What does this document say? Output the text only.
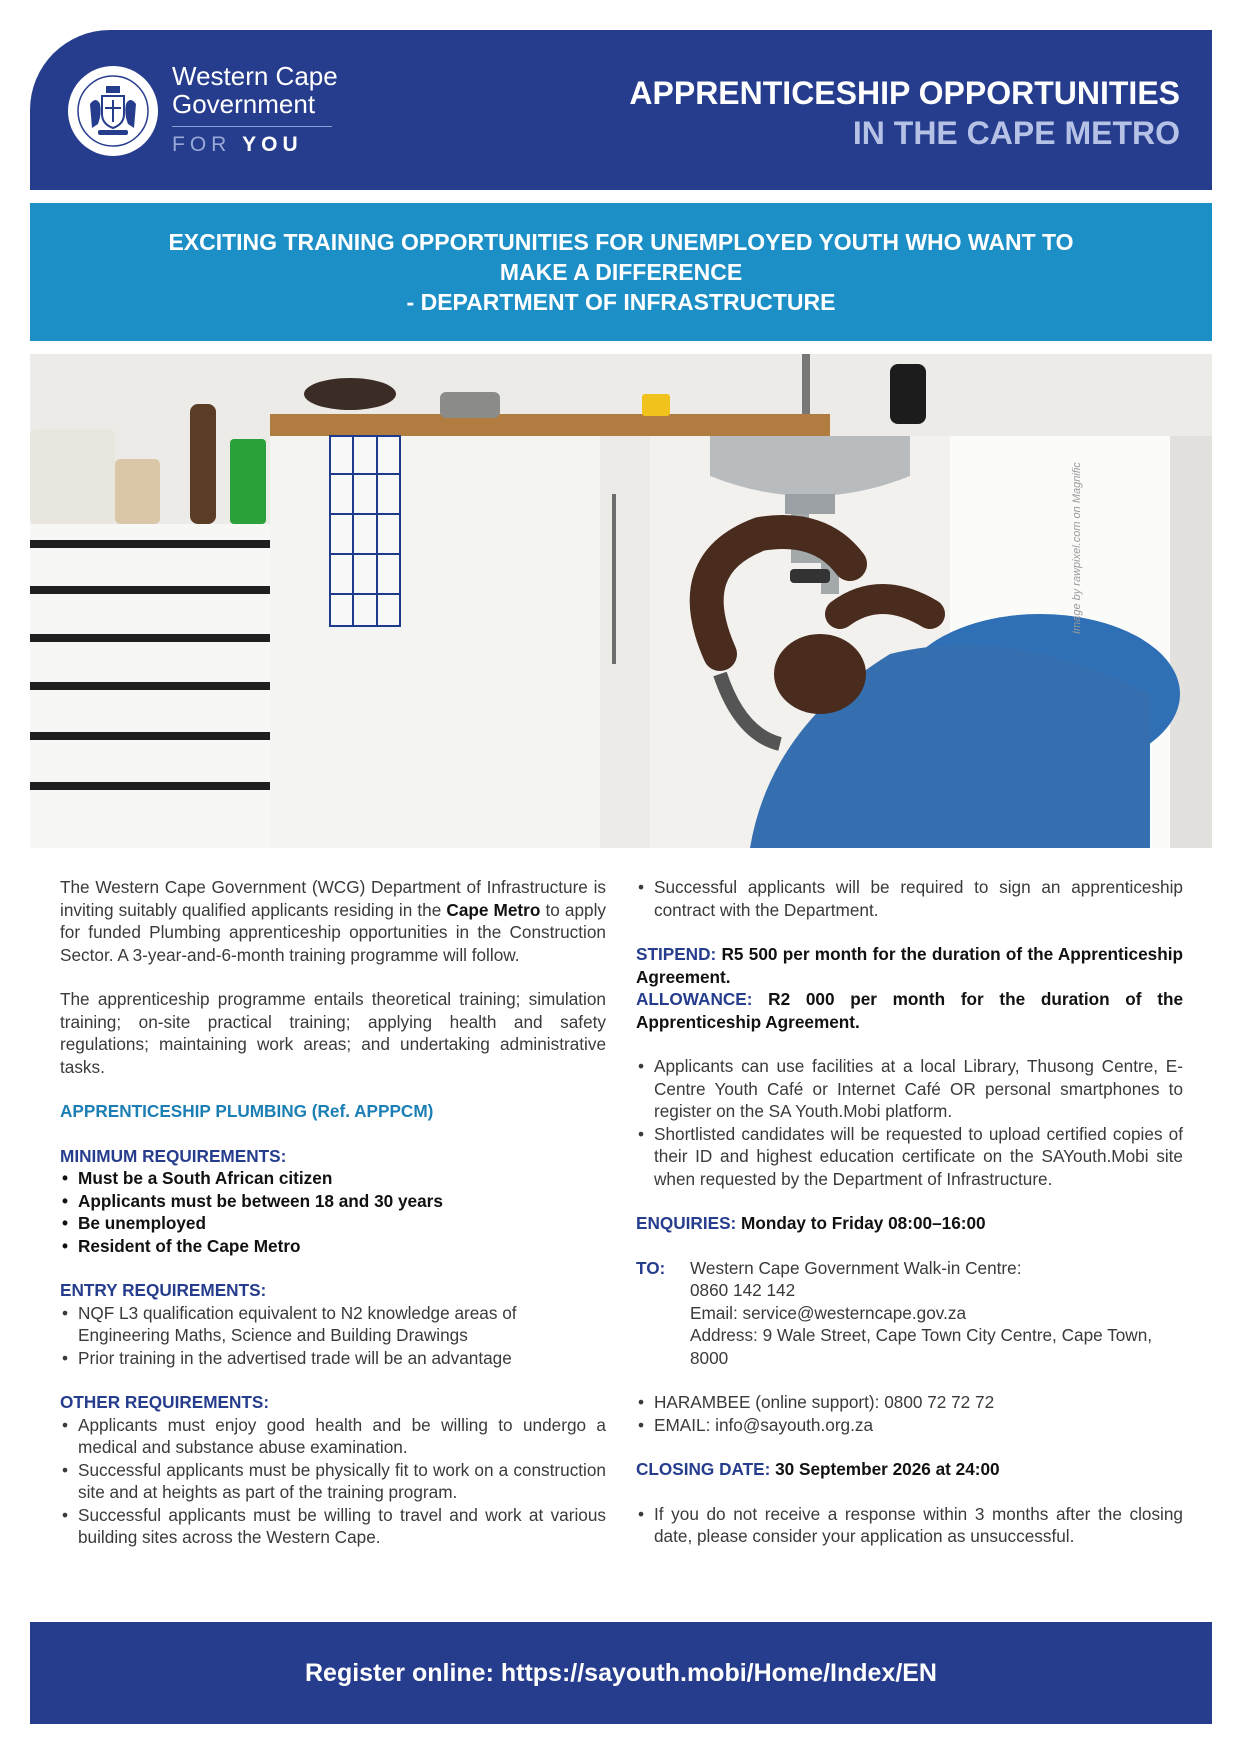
Western Cape
Government
FOR YOU
APPRENTICESHIP OPPORTUNITIES
IN THE CAPE METRO
EXCITING TRAINING OPPORTUNITIES FOR UNEMPLOYED YOUTH WHO WANT TO
MAKE A DIFFERENCE
- DEPARTMENT OF INFRASTRUCTURE
Image by rawpixel.com on Magnific

The Western Cape Government (WCG) Department of Infrastructure is inviting suitably qualified applicants residing in the Cape Metro to apply for funded Plumbing apprenticeship opportunities in the Construction Sector. A 3-year-and-6-month training programme will follow.

The apprenticeship programme entails theoretical training; simulation training; on-site practical training; applying health and safety regulations; maintaining work areas; and undertaking administrative tasks.

APPRENTICESHIP PLUMBING (Ref. APPPCM)

MINIMUM REQUIREMENTS:

• Must be a South African citizen
• Applicants must be between 18 and 30 years
• Be unemployed
• Resident of the Cape Metro

ENTRY REQUIREMENTS:

• NQF L3 qualification equivalent to N2 knowledge areas of Engineering Maths, Science and Building Drawings
• Prior training in the advertised trade will be an advantage

OTHER REQUIREMENTS:

• Applicants must enjoy good health and be willing to undergo a medical and substance abuse examination.
• Successful applicants must be physically fit to work on a construction site and at heights as part of the training program.
• Successful applicants must be willing to travel and work at various building sites across the Western Cape.
• Successful applicants will be required to sign an apprenticeship contract with the Department.

STIPEND: R5 500 per month for the duration of the Apprenticeship Agreement.

ALLOWANCE: R2 000 per month for the duration of the Apprenticeship Agreement.

• Applicants can use facilities at a local Library, Thusong Centre, E-Centre Youth Café or Internet Café OR personal smartphones to register on the SA Youth.Mobi platform.
• Shortlisted candidates will be requested to upload certified copies of their ID and highest education certificate on the SAYouth.Mobi site when requested by the Department of Infrastructure.

ENQUIRIES: Monday to Friday 08:00–16:00

TO:	Western Cape Government Walk-in Centre:
0860 142 142
Email: service@westerncape.gov.za
Address: 9 Wale Street, Cape Town City Centre, Cape Town, 8000
• HARAMBEE (online support): 0800 72 72 72
• EMAIL: info@sayouth.org.za

CLOSING DATE: 30 September 2026 at 24:00

• If you do not receive a response within 3 months after the closing date, please consider your application as unsuccessful.
Register online: https://sayouth.mobi/Home/Index/EN
